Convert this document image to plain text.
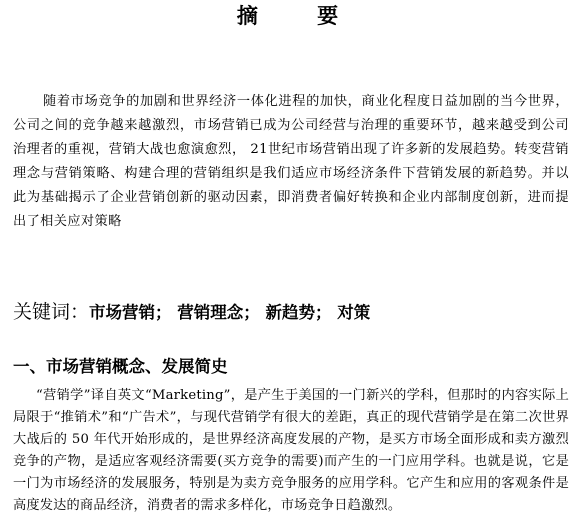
摘 要

随着市场竞争的加剧和世界经济一体化进程的加快，商业化程度日益加剧的当今世界，公司之间的竞争越来越激烈，市场营销已成为公司经营与治理的重要环节，越来越受到公司治理者的重视，营销大战也愈演愈烈， 21世纪市场营销出现了许多新的发展趋势。转变营销理念与营销策略、构建合理的营销组织是我们适应市场经济条件下营销发展的新趋势。并以此为基础揭示了企业营销创新的驱动因素，即消费者偏好转换和企业内部制度创新，进而提出了相关应对策略

关键词：市场营销； 营销理念； 新趋势； 对策
一、市场营销概念、发展简史

“营销学”译自英文“Marketing”，是产生于美国的一门新兴的学科，但那时的内容实际上局限于“推销术”和“广告术”，与现代营销学有很大的差距，真正的现代营销学是在第二次世界大战后的 50 年代开始形成的，是世界经济高度发展的产物，是买方市场全面形成和卖方激烈竞争的产物，是适应客观经济需要(买方竞争的需要)而产生的一门应用学科。也就是说，它是一门为市场经济的发展服务，特别是为卖方竞争服务的应用学科。它产生和应用的客观条件是 高度发达的商品经济，消费者的需求多样化，市场竞争日趋激烈。
